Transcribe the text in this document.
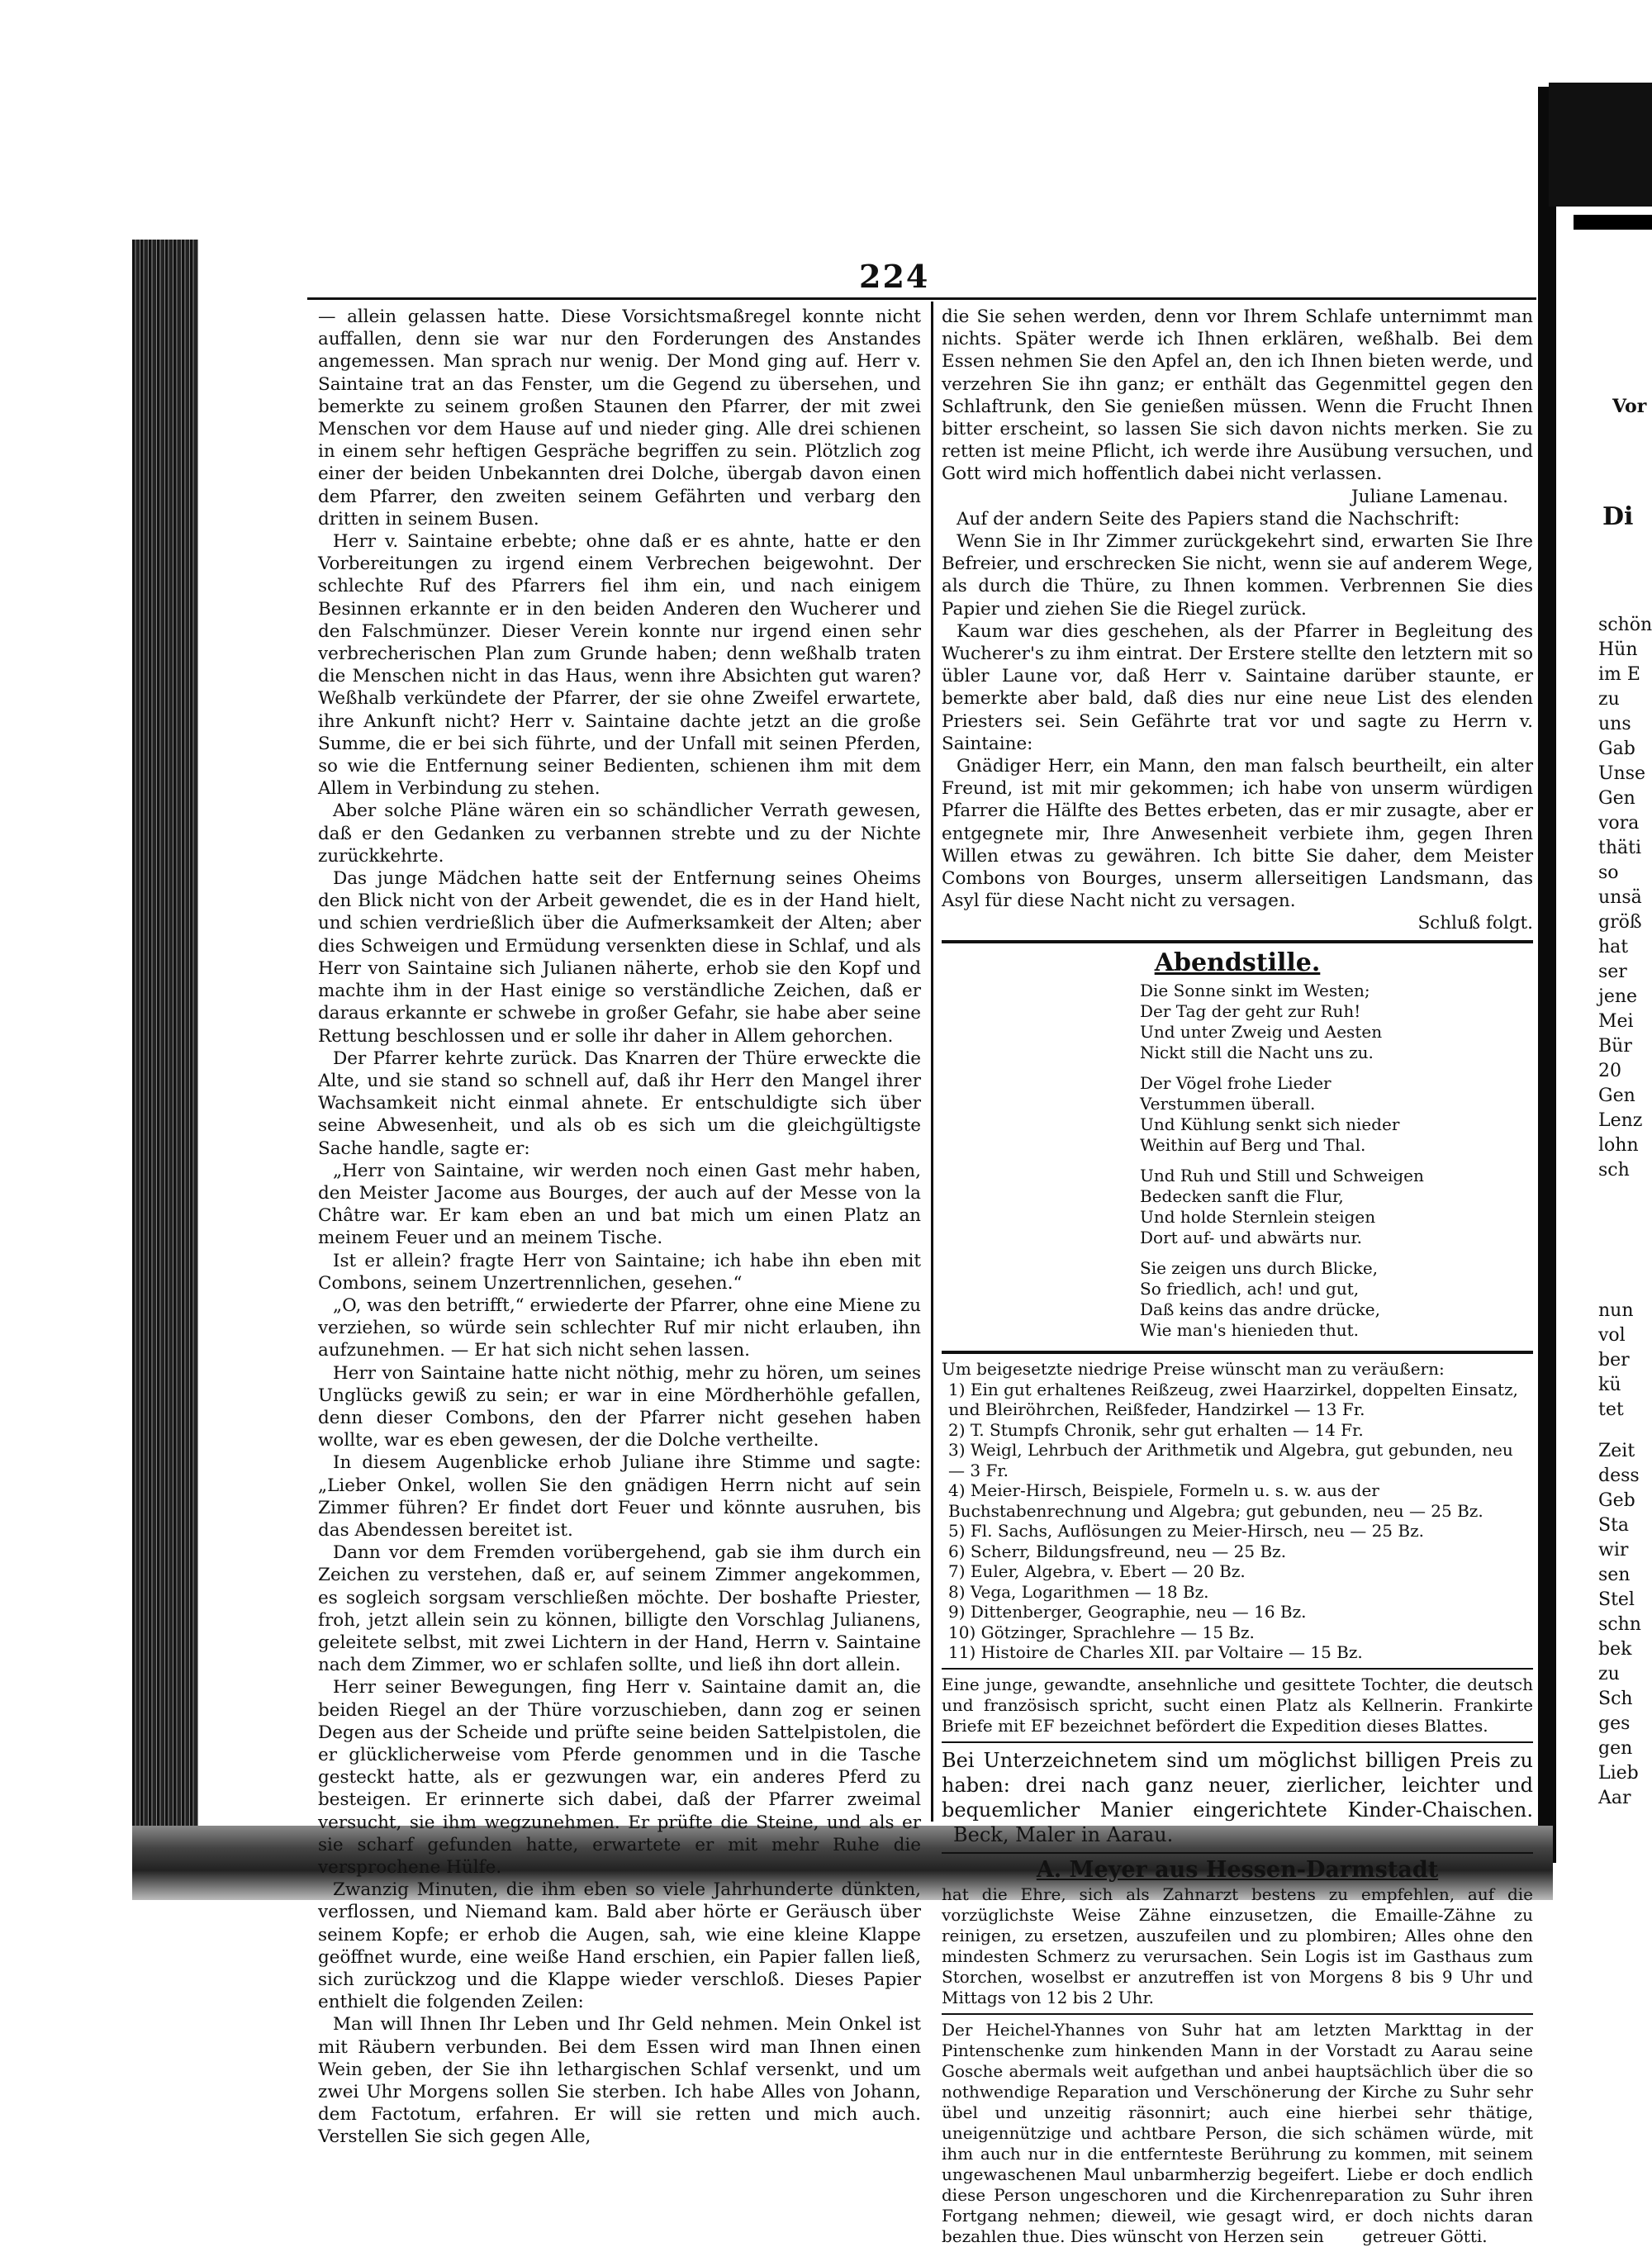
224

— allein gelassen hatte. Diese Vorsichtsmaßregel konnte nicht auffallen, denn sie war nur den Forderungen des Anstandes angemessen. Man sprach nur wenig. Der Mond ging auf. Herr v. Saintaine trat an das Fenster, um die Gegend zu übersehen, und bemerkte zu seinem großen Staunen den Pfarrer, der mit zwei Menschen vor dem Hause auf und nieder ging. Alle drei schienen in einem sehr heftigen Gespräche begriffen zu sein. Plötzlich zog einer der beiden Unbekannten drei Dolche, übergab davon einen dem Pfarrer, den zweiten seinem Gefährten und verbarg den dritten in seinem Busen.

Herr v. Saintaine erbebte; ohne daß er es ahnte, hatte er den Vorbereitungen zu irgend einem Verbrechen beigewohnt. Der schlechte Ruf des Pfarrers fiel ihm ein, und nach einigem Besinnen erkannte er in den beiden Anderen den Wucherer und den Falschmünzer. Dieser Verein konnte nur irgend einen sehr verbrecherischen Plan zum Grunde haben; denn weßhalb traten die Menschen nicht in das Haus, wenn ihre Absichten gut waren? Weßhalb verkündete der Pfarrer, der sie ohne Zweifel erwartete, ihre Ankunft nicht? Herr v. Saintaine dachte jetzt an die große Summe, die er bei sich führte, und der Unfall mit seinen Pferden, so wie die Entfernung seiner Bedienten, schienen ihm mit dem Allem in Verbindung zu stehen.

Aber solche Pläne wären ein so schändlicher Verrath gewesen, daß er den Gedanken zu verbannen strebte und zu der Nichte zurückkehrte.

Das junge Mädchen hatte seit der Entfernung seines Oheims den Blick nicht von der Arbeit gewendet, die es in der Hand hielt, und schien verdrießlich über die Aufmerksamkeit der Alten; aber dies Schweigen und Ermüdung versenkten diese in Schlaf, und als Herr von Saintaine sich Julianen näherte, erhob sie den Kopf und machte ihm in der Hast einige so verständliche Zeichen, daß er daraus erkannte er schwebe in großer Gefahr, sie habe aber seine Rettung beschlossen und er solle ihr daher in Allem gehorchen.

Der Pfarrer kehrte zurück. Das Knarren der Thüre erweckte die Alte, und sie stand so schnell auf, daß ihr Herr den Mangel ihrer Wachsamkeit nicht einmal ahnete. Er entschuldigte sich über seine Abwesenheit, und als ob es sich um die gleichgültigste Sache handle, sagte er:

„Herr von Saintaine, wir werden noch einen Gast mehr haben, den Meister Jacome aus Bourges, der auch auf der Messe von la Châtre war. Er kam eben an und bat mich um einen Platz an meinem Feuer und an meinem Tische.

Ist er allein? fragte Herr von Saintaine; ich habe ihn eben mit Combons, seinem Unzertrennlichen, gesehen.“

„O, was den betrifft,“ erwiederte der Pfarrer, ohne eine Miene zu verziehen, so würde sein schlechter Ruf mir nicht erlauben, ihn aufzunehmen. — Er hat sich nicht sehen lassen.

Herr von Saintaine hatte nicht nöthig, mehr zu hören, um seines Unglücks gewiß zu sein; er war in eine Mördherhöhle gefallen, denn dieser Combons, den der Pfarrer nicht gesehen haben wollte, war es eben gewesen, der die Dolche vertheilte.

In diesem Augenblicke erhob Juliane ihre Stimme und sagte: „Lieber Onkel, wollen Sie den gnädigen Herrn nicht auf sein Zimmer führen? Er findet dort Feuer und könnte ausruhen, bis das Abendessen bereitet ist.

Dann vor dem Fremden vorübergehend, gab sie ihm durch ein Zeichen zu verstehen, daß er, auf seinem Zimmer angekommen, es sogleich sorgsam verschließen möchte. Der boshafte Priester, froh, jetzt allein sein zu können, billigte den Vorschlag Julianens, geleitete selbst, mit zwei Lichtern in der Hand, Herrn v. Saintaine nach dem Zimmer, wo er schlafen sollte, und ließ ihn dort allein.

Herr seiner Bewegungen, fing Herr v. Saintaine damit an, die beiden Riegel an der Thüre vorzuschieben, dann zog er seinen Degen aus der Scheide und prüfte seine beiden Sattelpistolen, die er glücklicherweise vom Pferde genommen und in die Tasche gesteckt hatte, als er gezwungen war, ein anderes Pferd zu besteigen. Er erinnerte sich dabei, daß der Pfarrer zweimal versucht, sie ihm wegzunehmen. Er prüfte die Steine, und als er sie scharf gefunden hatte, erwartete er mit mehr Ruhe die versprochene Hülfe.

Zwanzig Minuten, die ihm eben so viele Jahrhunderte dünkten, verflossen, und Niemand kam. Bald aber hörte er Geräusch über seinem Kopfe; er erhob die Augen, sah, wie eine kleine Klappe geöffnet wurde, eine weiße Hand erschien, ein Papier fallen ließ, sich zurückzog und die Klappe wieder verschloß. Dieses Papier enthielt die folgenden Zeilen:

Man will Ihnen Ihr Leben und Ihr Geld nehmen. Mein Onkel ist mit Räubern verbunden. Bei dem Essen wird man Ihnen einen Wein geben, der Sie ihn lethargischen Schlaf versenkt, und um zwei Uhr Morgens sollen Sie sterben. Ich habe Alles von Johann, dem Factotum, erfahren. Er will sie retten und mich auch. Verstellen Sie sich gegen Alle,

die Sie sehen werden, denn vor Ihrem Schlafe unternimmt man nichts. Später werde ich Ihnen erklären, weßhalb. Bei dem Essen nehmen Sie den Apfel an, den ich Ihnen bieten werde, und verzehren Sie ihn ganz; er enthält das Gegenmittel gegen den Schlaftrunk, den Sie genießen müssen. Wenn die Frucht Ihnen bitter erscheint, so lassen Sie sich davon nichts merken. Sie zu retten ist meine Pflicht, ich werde ihre Ausübung versuchen, und Gott wird mich hoffentlich dabei nicht verlassen.

Juliane Lamenau.

Auf der andern Seite des Papiers stand die Nachschrift:

Wenn Sie in Ihr Zimmer zurückgekehrt sind, erwarten Sie Ihre Befreier, und erschrecken Sie nicht, wenn sie auf anderem Wege, als durch die Thüre, zu Ihnen kommen. Verbrennen Sie dies Papier und ziehen Sie die Riegel zurück.

Kaum war dies geschehen, als der Pfarrer in Begleitung des Wucherer's zu ihm eintrat. Der Erstere stellte den letztern mit so übler Laune vor, daß Herr v. Saintaine darüber staunte, er bemerkte aber bald, daß dies nur eine neue List des elenden Priesters sei. Sein Gefährte trat vor und sagte zu Herrn v. Saintaine:

Gnädiger Herr, ein Mann, den man falsch beurtheilt, ein alter Freund, ist mit mir gekommen; ich habe von unserm würdigen Pfarrer die Hälfte des Bettes erbeten, das er mir zusagte, aber er entgegnete mir, Ihre Anwesenheit verbiete ihm, gegen Ihren Willen etwas zu gewähren. Ich bitte Sie daher, dem Meister Combons von Bourges, unserm allerseitigen Landsmann, das Asyl für diese Nacht nicht zu versagen.

Schluß folgt.
Abendstille.
Die Sonne sinkt im Westen;
Der Tag der geht zur Ruh!
Und unter Zweig und Aesten
Nickt still die Nacht uns zu.
Der Vögel frohe Lieder
Verstummen überall.
Und Kühlung senkt sich nieder
Weithin auf Berg und Thal.
Und Ruh und Still und Schweigen
Bedecken sanft die Flur,
Und holde Sternlein steigen
Dort auf- und abwärts nur.
Sie zeigen uns durch Blicke,
So friedlich, ach! und gut,
Daß keins das andre drücke,
Wie man's hienieden thut.
Um beigesetzte niedrige Preise wünscht man zu veräußern:
1) Ein gut erhaltenes Reißzeug, zwei Haarzirkel, doppelten Einsatz, und Bleiröhrchen, Reißfeder, Handzirkel — 13 Fr.
2) T. Stumpfs Chronik, sehr gut erhalten — 14 Fr.
3) Weigl, Lehrbuch der Arithmetik und Algebra, gut gebunden, neu — 3 Fr.
4) Meier-Hirsch, Beispiele, Formeln u. s. w. aus der Buchstabenrechnung und Algebra; gut gebunden, neu — 25 Bz.
5) Fl. Sachs, Auflösungen zu Meier-Hirsch, neu — 25 Bz.
6) Scherr, Bildungsfreund, neu — 25 Bz.
7) Euler, Algebra, v. Ebert — 20 Bz.
8) Vega, Logarithmen — 18 Bz.
9) Dittenberger, Geographie, neu — 16 Bz.
10) Götzinger, Sprachlehre — 15 Bz.
11) Histoire de Charles XII. par Voltaire — 15 Bz.
Eine junge, gewandte, ansehnliche und gesittete Tochter, die deutsch und französisch spricht, sucht einen Platz als Kellnerin. Frankirte Briefe mit EF bezeichnet befördert die Expedition dieses Blattes.
Bei Unterzeichnetem sind um möglichst billigen Preis zu haben: drei nach ganz neuer, zierlicher, leichter und bequemlicher Manier eingerichtete Kinder-Chaischen. Beck, Maler in Aarau.
A. Meyer aus Hessen-Darmstadt
hat die Ehre, sich als Zahnarzt bestens zu empfehlen, auf die vorzüglichste Weise Zähne einzusetzen, die Emaille-Zähne zu reinigen, zu ersetzen, auszufeilen und zu plombiren; Alles ohne den mindesten Schmerz zu verursachen. Sein Logis ist im Gasthaus zum Storchen, woselbst er anzutreffen ist von Morgens 8 bis 9 Uhr und Mittags von 12 bis 2 Uhr.
Der Heichel-Yhannes von Suhr hat am letzten Markttag in der Pintenschenke zum hinkenden Mann in der Vorstadt zu Aarau seine Gosche abermals weit aufgethan und anbei hauptsächlich über die so nothwendige Reparation und Verschönerung der Kirche zu Suhr sehr übel und unzeitig räsonnirt; auch eine hierbei sehr thätige, uneigennützige und achtbare Person, die sich schämen würde, mit ihm auch nur in die entfernteste Berührung zu kommen, mit seinem ungewaschenen Maul unbarmherzig begeifert. Liebe er doch endlich diese Person ungeschoren und die Kirchenreparation zu Suhr ihren Fortgang nehmen; dieweil, wie gesagt wird, er doch nichts daran bezahlen thue. Dies wünscht von Herzen sein getreuer Götti.
Vor
Di
schön
Hün
im E
zu
uns
Gab
Unse
Gen
vora
thäti
so
unsä
größ
hat
ser
jene
Mei
Bür
20
Gen
Lenz
lohn
sch
nun
vol
ber
kü
tet
Zeit
dess
Geb
Sta
wir
sen
Stel
schn
bek
zu
Sch
ges
gen
Lieb
Aar
